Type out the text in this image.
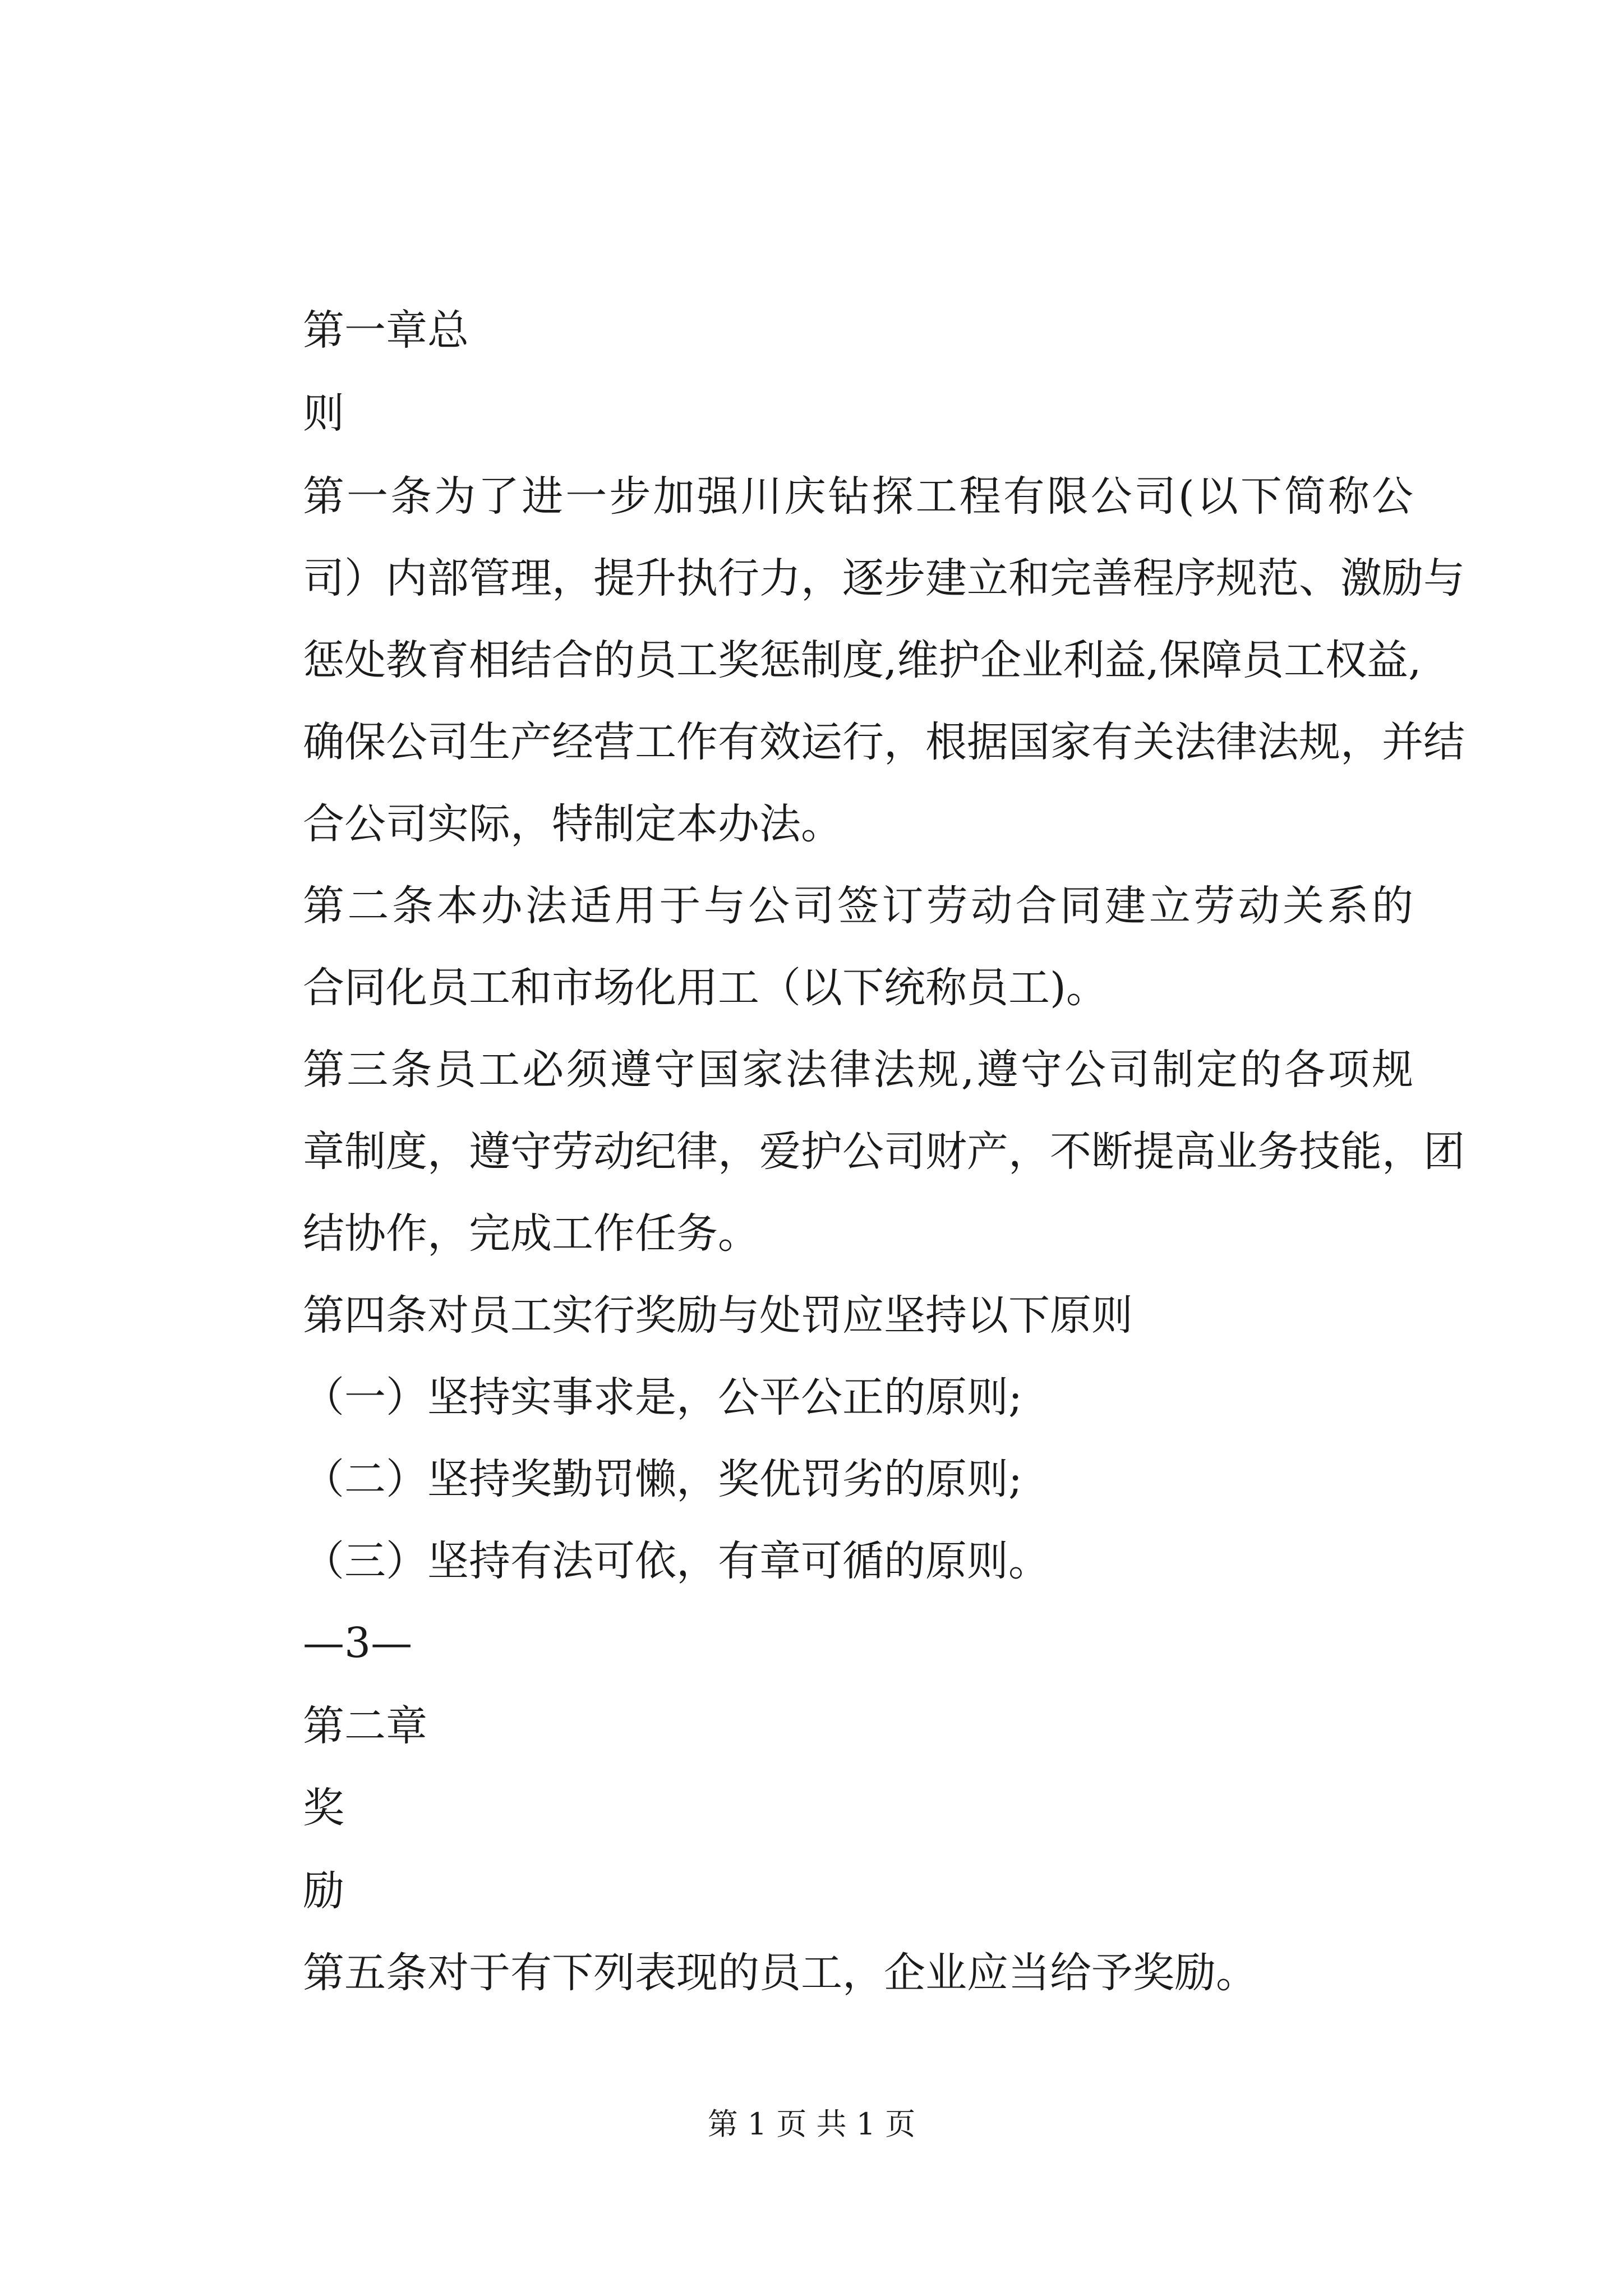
第一章总
则
第一条为了进一步加强川庆钻探工程有限公司(以下简称公
司）内部管理，提升执行力，逐步建立和完善程序规范、激励与
惩处教育相结合的员工奖惩制度,维护企业利益,保障员工权益,
确保公司生产经营工作有效运行，根据国家有关法律法规，并结
合公司实际，特制定本办法。
第二条本办法适用于与公司签订劳动合同建立劳动关系的
合同化员工和市场化用工（以下统称员工)。
第三条员工必须遵守国家法律法规,遵守公司制定的各项规
章制度，遵守劳动纪律，爱护公司财产，不断提高业务技能，团
结协作，完成工作任务。
第四条对员工实行奖励与处罚应坚持以下原则
（一）坚持实事求是，公平公正的原则;
（二）坚持奖勤罚懒，奖优罚劣的原则;
（三）坚持有法可依，有章可循的原则。
—3—
第二章
奖
励
第五条对于有下列表现的员工，企业应当给予奖励。
第 1 页 共 1 页
